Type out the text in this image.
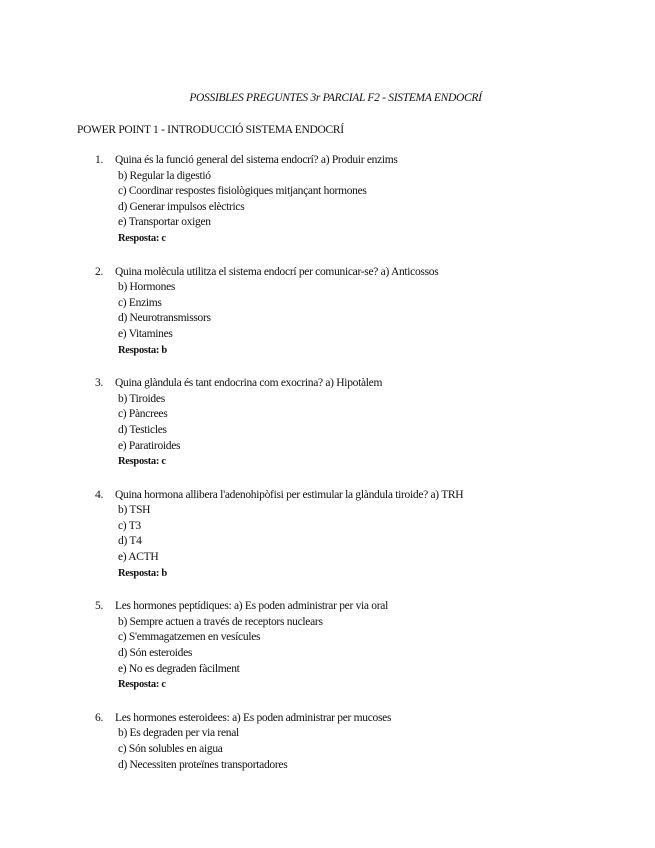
POSSIBLES PREGUNTES 3r PARCIAL F2 - SISTEMA ENDOCRÍ
POWER POINT 1 - INTRODUCCIÓ SISTEMA ENDOCRÍ
1. Quina és la funció general del sistema endocrí? a) Produir enzims
b) Regular la digestió
c) Coordinar respostes fisiològiques mitjançant hormones
d) Generar impulsos elèctrics
e) Transportar oxigen
Resposta: c
2. Quina molècula utilitza el sistema endocrí per comunicar-se? a) Anticossos
b) Hormones
c) Enzims
d) Neurotransmissors
e) Vitamines
Resposta: b
3. Quina glàndula és tant endocrina com exocrina? a) Hipotàlem
b) Tiroides
c) Pàncrees
d) Testicles
e) Paratiroides
Resposta: c
4. Quina hormona allibera l'adenohipòfisi per estimular la glàndula tiroide? a) TRH
b) TSH
c) T3
d) T4
e) ACTH
Resposta: b
5. Les hormones peptídiques: a) Es poden administrar per via oral
b) Sempre actuen a través de receptors nuclears
c) S'emmagatzemen en vesícules
d) Són esteroides
e) No es degraden fàcilment
Resposta: c
6. Les hormones esteroidees: a) Es poden administrar per mucoses
b) Es degraden per via renal
c) Són solubles en aigua
d) Necessiten proteïnes transportadores
